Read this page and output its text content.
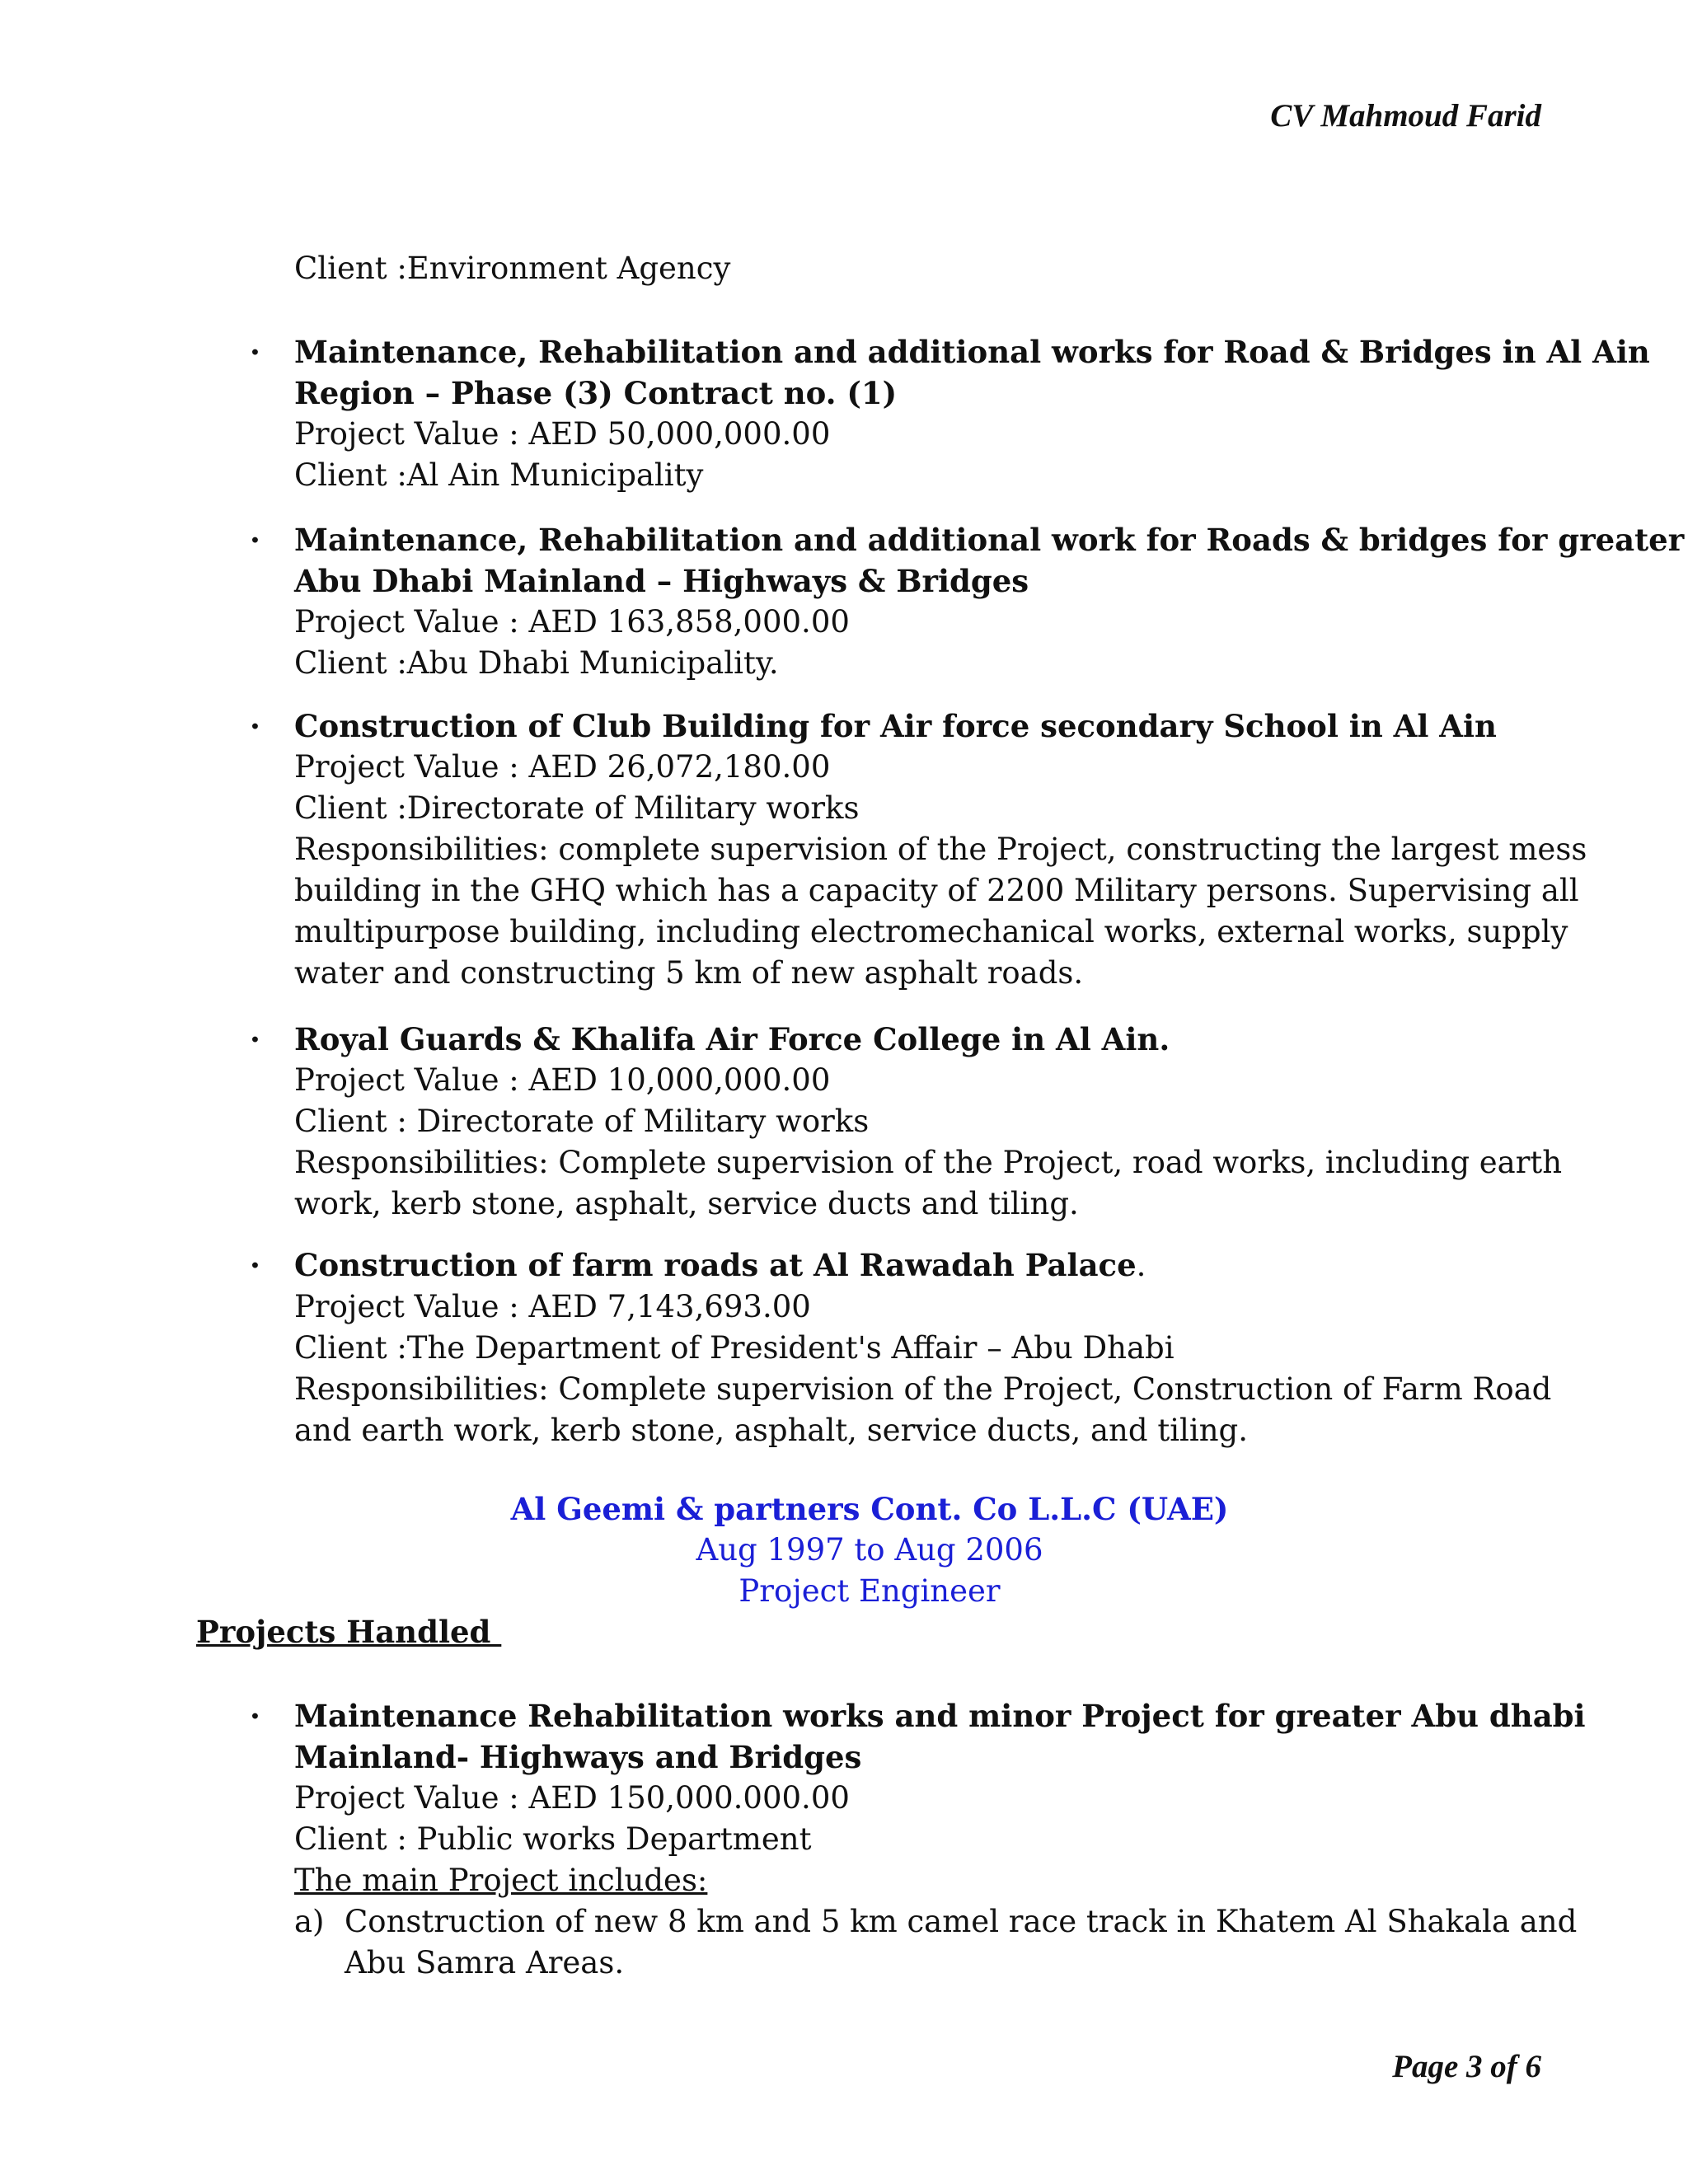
CV Mahmoud Farid
Client :Environment Agency
· Maintenance, Rehabilitation and additional works for Road & Bridges in Al Ain
Region – Phase (3) Contract no. (1)
Project Value : AED 50,000,000.00
Client :Al Ain Municipality
· Maintenance, Rehabilitation and additional work for Roads & bridges for greater
Abu Dhabi Mainland – Highways & Bridges
Project Value : AED 163,858,000.00
Client :Abu Dhabi Municipality.
· Construction of Club Building for Air force secondary School in Al Ain
Project Value : AED 26,072,180.00
Client :Directorate of Military works
Responsibilities: complete supervision of the Project, constructing the largest mess
building in the GHQ which has a capacity of 2200 Military persons. Supervising all
multipurpose building, including electromechanical works, external works, supply
water and constructing 5 km of new asphalt roads.
· Royal Guards & Khalifa Air Force College in Al Ain.
Project Value : AED 10,000,000.00
Client : Directorate of Military works
Responsibilities: Complete supervision of the Project, road works, including earth
work, kerb stone, asphalt, service ducts and tiling.
· Construction of farm roads at Al Rawadah Palace.
Project Value : AED 7,143,693.00
Client :The Department of President's Affair – Abu Dhabi
Responsibilities: Complete supervision of the Project, Construction of Farm Road
and earth work, kerb stone, asphalt, service ducts, and tiling.
Al Geemi & partners Cont. Co L.L.C (UAE)
Aug 1997 to Aug 2006
Project Engineer
Projects Handled
· Maintenance Rehabilitation works and minor Project for greater Abu dhabi
Mainland- Highways and Bridges
Project Value : AED 150,000.000.00
Client : Public works Department
The main Project includes:
a) Construction of new 8 km and 5 km camel race track in Khatem Al Shakala and
Abu Samra Areas.
Page 3 of 6
